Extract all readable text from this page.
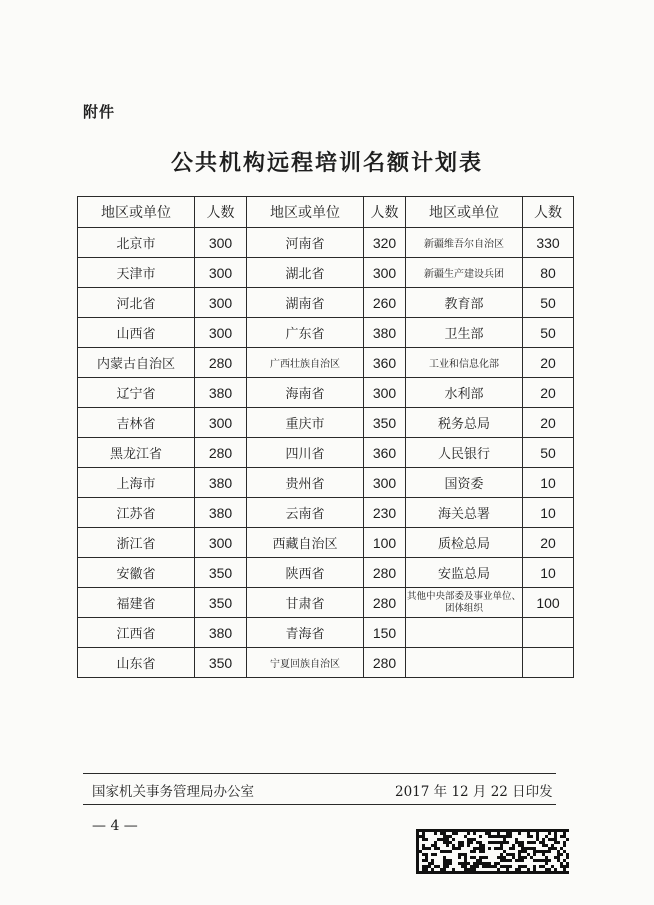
附件
公共机构远程培训名额计划表
地区或单位	人数	地区或单位	人数	地区或单位	人数
北京市	300	河南省	320	新疆维吾尔自治区	330
天津市	300	湖北省	300	新疆生产建设兵团	80
河北省	300	湖南省	260	教育部	50
山西省	300	广东省	380	卫生部	50
内蒙古自治区	280	广西壮族自治区	360	工业和信息化部	20
辽宁省	380	海南省	300	水利部	20
吉林省	300	重庆市	350	税务总局	20
黑龙江省	280	四川省	360	人民银行	50
上海市	380	贵州省	300	国资委	10
江苏省	380	云南省	230	海关总署	10
浙江省	300	西藏自治区	100	质检总局	20
安徽省	350	陕西省	280	安监总局	10
福建省	350	甘肃省	280	其他中央部委及事业单位、团体组织	100
江西省	380	青海省	150		
山东省	350	宁夏回族自治区	280		
国家机关事务管理局办公室	2017 年 12 月 22 日印发
— 4 —
